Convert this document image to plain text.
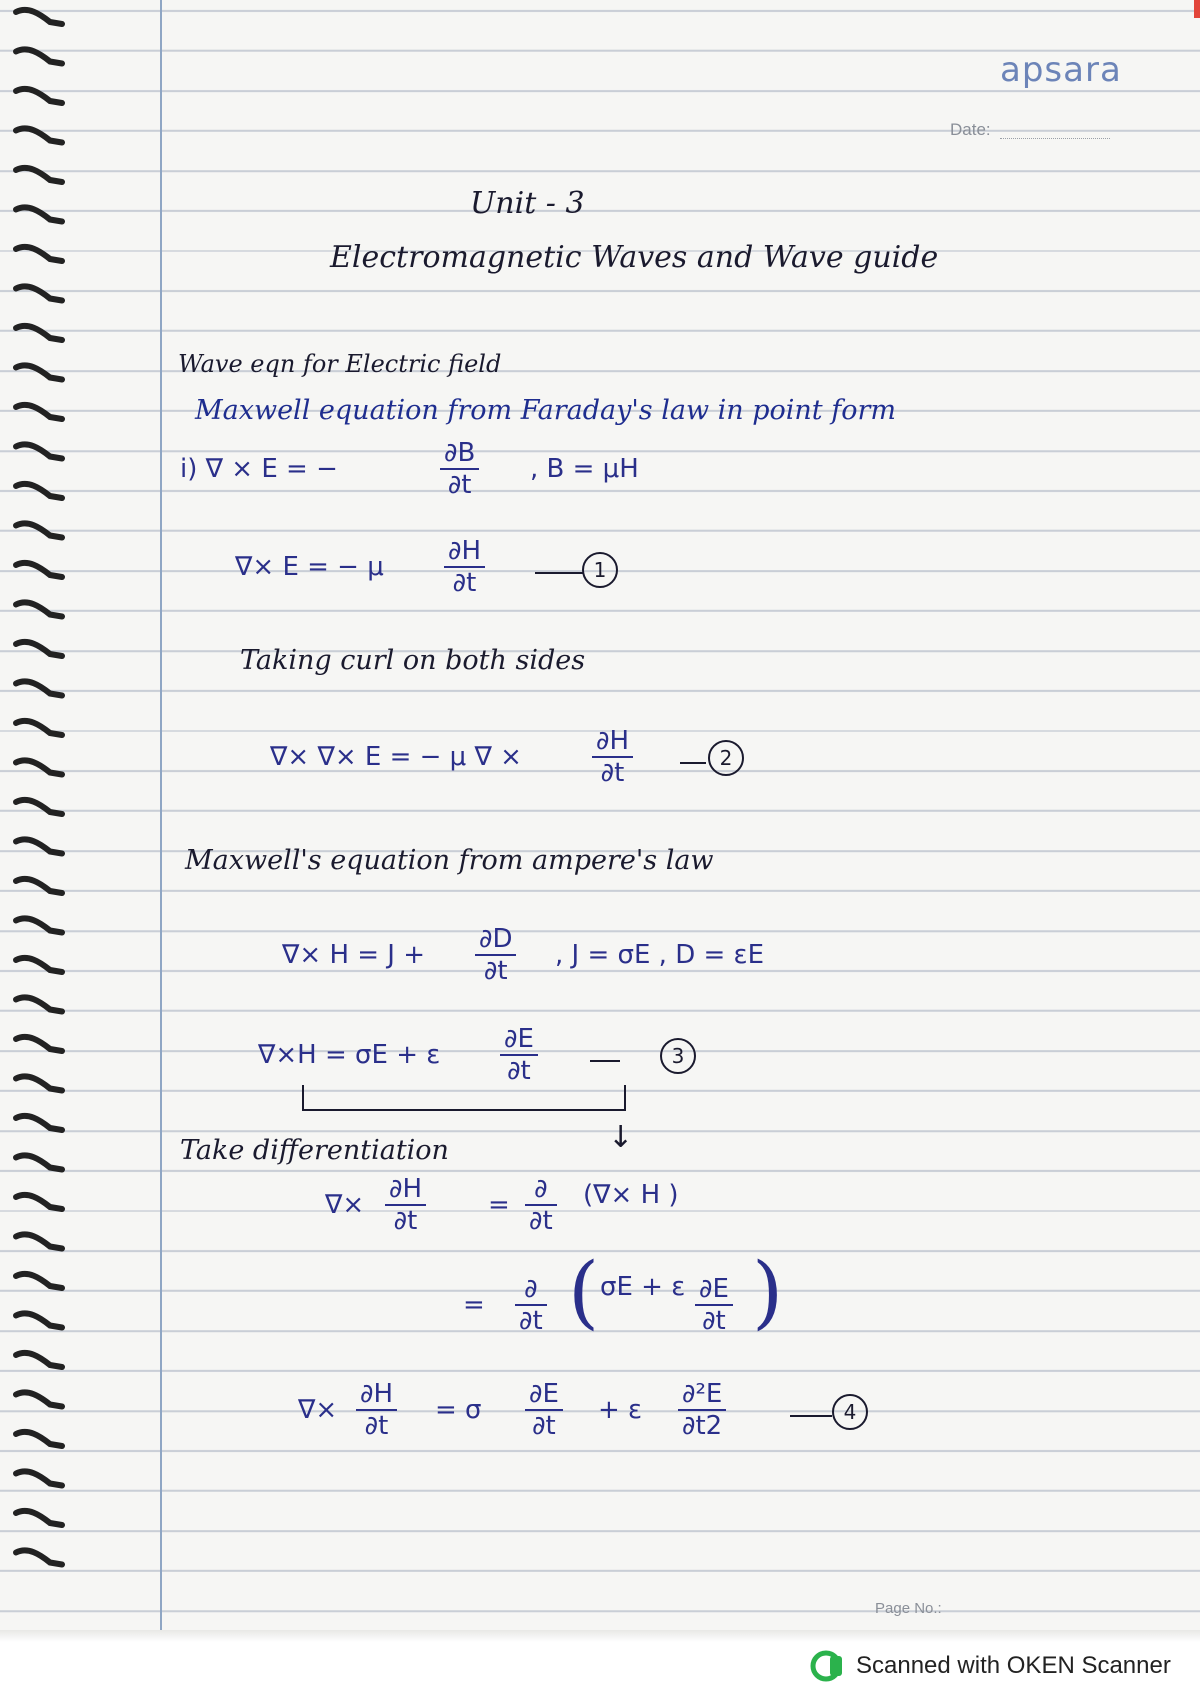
apsara
Date:
Unit - 3
Electromagnetic Waves and Wave guide
Wave eqn for Electric field
Maxwell equation from Faraday's law in point form
i) ∇ × E = −	$\frac{\partial B}{\partial t}$ , B = μH
∇× E = − μ $\frac{\partial H}{\partial t}$	1
Taking curl on both sides
∇× ∇× E = − μ ∇ ×	$\frac{\partial H}{\partial t}$	2
Maxwell's equation from ampere's law
∇× $H = J + \frac{\partial D}{\partial t}$ , J = σE , D = εE
∇×H = σE + ε $\frac{\partial E}{\partial t}$	3
↓
Take differentiation
∇× $\frac{\partial H}{\partial t}$ =
∂
∂t
(∇× H )
=
∂
∂t ( σE + ε $\frac{\partial E}{\partial t}$ )
∇× $\frac{\partial H}{\partial t} = \sigma \frac{\partial E}{\partial t} + \varepsilon \frac{\text{∂²E}}{\partial t2}$	4
Page No.:
Scanned with OKEN Scanner
